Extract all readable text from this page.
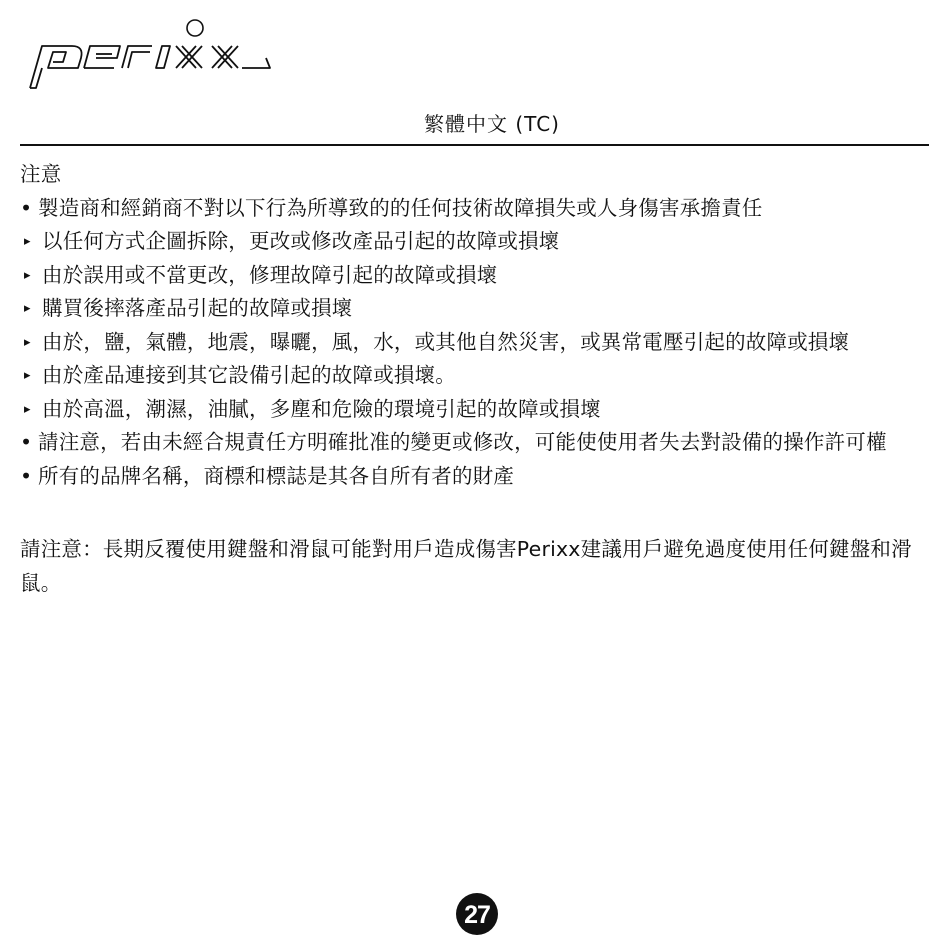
繁體中文 (TC)

注意

• 製造商和經銷商不對以下行為所導致的的任何技術故障損失或人身傷害承擔責任
▸ 以任何方式企圖拆除，更改或修改產品引起的故障或損壞
▸ 由於誤用或不當更改，修理故障引起的故障或損壞
▸ 購買後摔落產品引起的故障或損壞
▸ 由於，鹽，氣體，地震，曝曬，風，水，或其他自然災害，或異常電壓引起的故障或損壞
▸ 由於產品連接到其它設備引起的故障或損壞。
▸ 由於高溫，潮濕，油膩，多塵和危險的環境引起的故障或損壞
• 請注意，若由未經合規責任方明確批准的變更或修改，可能使使用者失去對設備的操作許可權
• 所有的品牌名稱，商標和標誌是其各自所有者的財產

請注意：長期反覆使用鍵盤和滑鼠可能對用戶造成傷害Perixx建議用戶避免過度使用任何鍵盤和滑鼠。

27
